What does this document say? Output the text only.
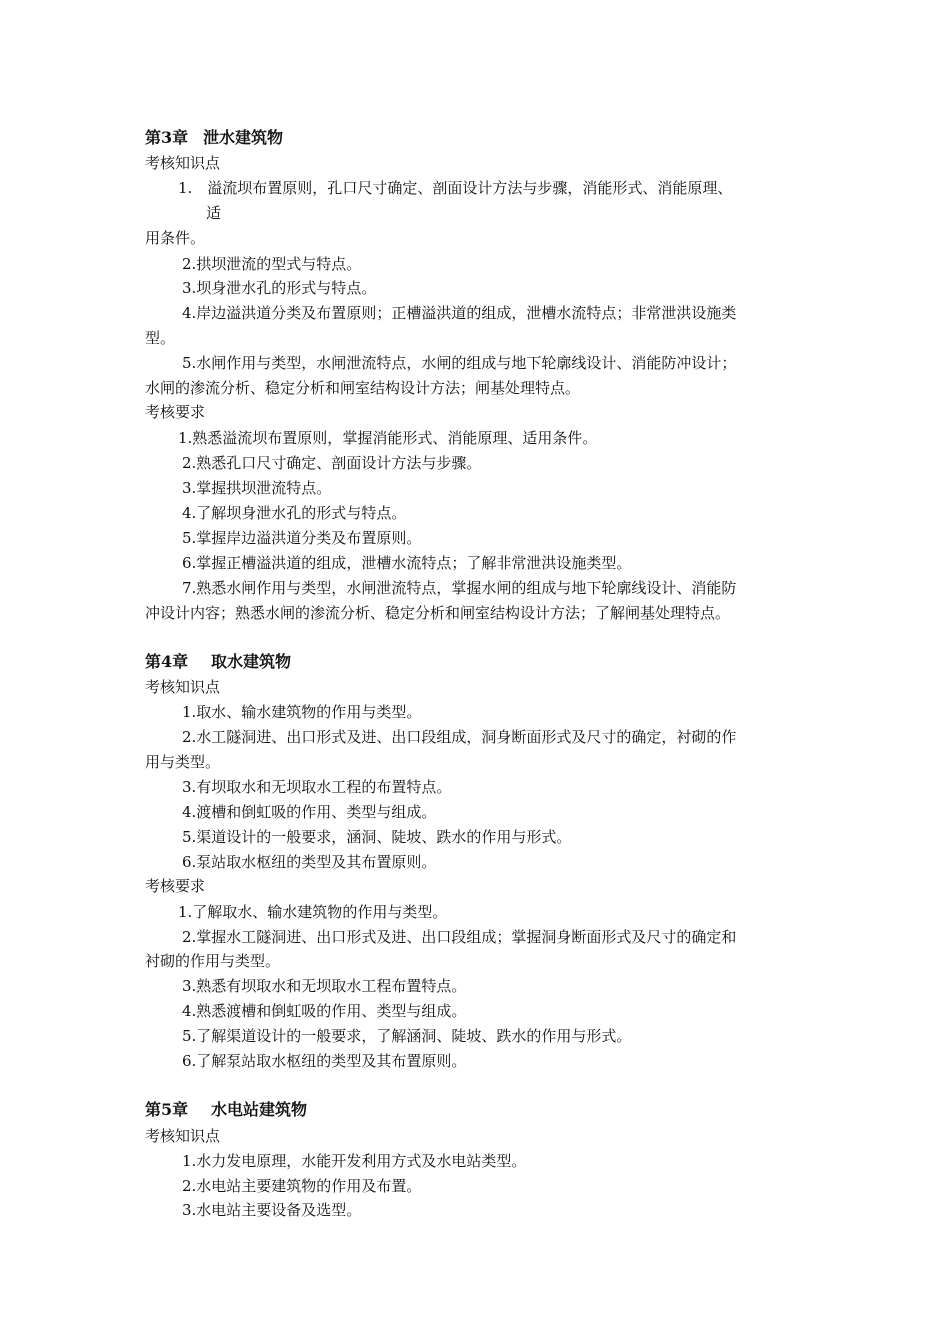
第3章 泄水建筑物
考核知识点
1.　溢流坝布置原则，孔口尺寸确定、剖面设计方法与步骤，消能形式、消能原理、
适
用条件。
2.拱坝泄流的型式与特点。
3.坝身泄水孔的形式与特点。
4.岸边溢洪道分类及布置原则；正槽溢洪道的组成，泄槽水流特点；非常泄洪设施类
型。
5.水闸作用与类型，水闸泄流特点，水闸的组成与地下轮廓线设计、消能防冲设计；
水闸的渗流分析、稳定分析和闸室结构设计方法；闸基处理特点。
考核要求
1.熟悉溢流坝布置原则，掌握消能形式、消能原理、适用条件。
2.熟悉孔口尺寸确定、剖面设计方法与步骤。
3.掌握拱坝泄流特点。
4.了解坝身泄水孔的形式与特点。
5.掌握岸边溢洪道分类及布置原则。
6.掌握正槽溢洪道的组成，泄槽水流特点；了解非常泄洪设施类型。
7.熟悉水闸作用与类型，水闸泄流特点，掌握水闸的组成与地下轮廓线设计、消能防
冲设计内容；熟悉水闸的渗流分析、稳定分析和闸室结构设计方法；了解闸基处理特点。
第4章 取水建筑物
考核知识点
1.取水、输水建筑物的作用与类型。
2.水工隧洞进、出口形式及进、出口段组成，洞身断面形式及尺寸的确定，衬砌的作
用与类型。
3.有坝取水和无坝取水工程的布置特点。
4.渡槽和倒虹吸的作用、类型与组成。
5.渠道设计的一般要求，涵洞、陡坡、跌水的作用与形式。
6.泵站取水枢纽的类型及其布置原则。
考核要求
1.了解取水、输水建筑物的作用与类型。
2.掌握水工隧洞进、出口形式及进、出口段组成；掌握洞身断面形式及尺寸的确定和
衬砌的作用与类型。
3.熟悉有坝取水和无坝取水工程布置特点。
4.熟悉渡槽和倒虹吸的作用、类型与组成。
5.了解渠道设计的一般要求，了解涵洞、陡坡、跌水的作用与形式。
6.了解泵站取水枢纽的类型及其布置原则。
第5章 水电站建筑物
考核知识点
1.水力发电原理，水能开发利用方式及水电站类型。
2.水电站主要建筑物的作用及布置。
3.水电站主要设备及选型。
